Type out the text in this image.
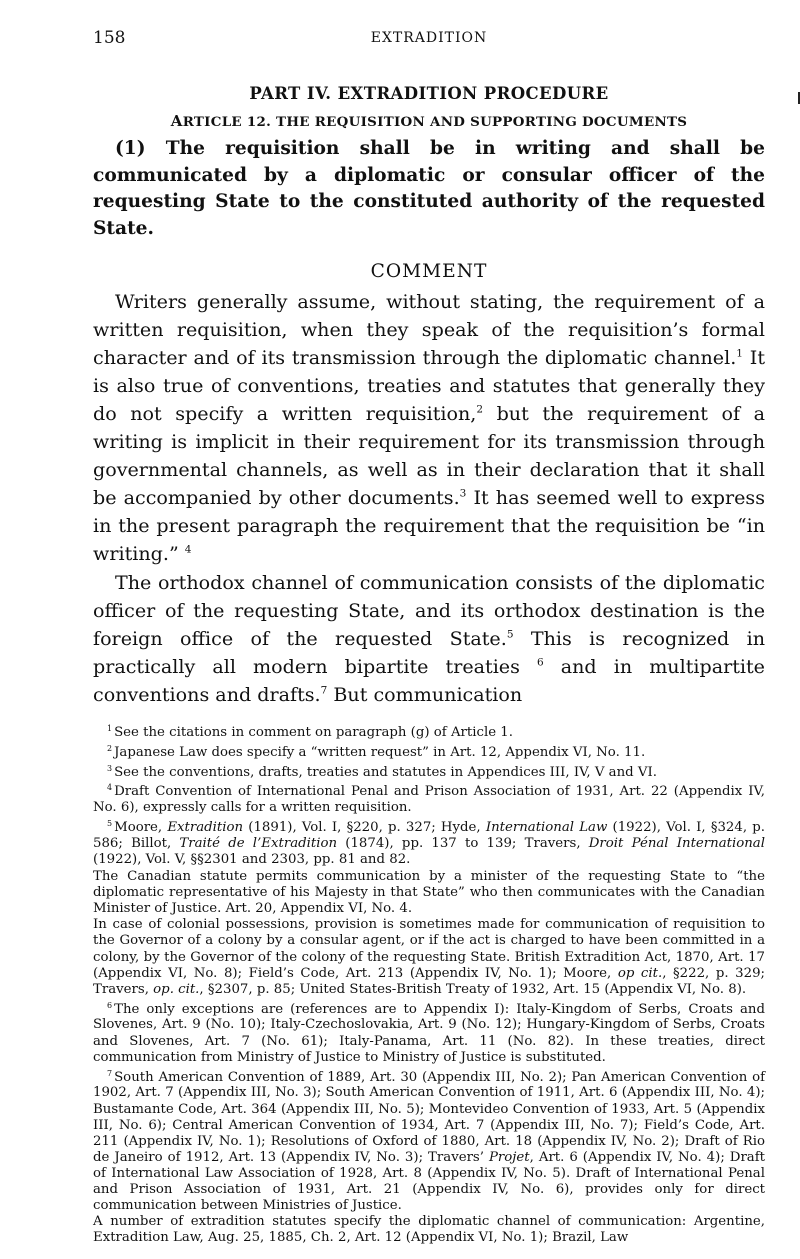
158	EXTRADITION
PART IV. EXTRADITION PROCEDURE
ARTICLE 12. THE REQUISITION AND SUPPORTING DOCUMENTS

(1) The requisition shall be in writing and shall be communicated by a diplomatic or consular officer of the requesting State to the constituted authority of the requested State.

COMMENT

Writers generally assume, without stating, the requirement of a written requisition, when they speak of the requisition’s formal character and of its transmission through the diplomatic channel.$^1$ It is also true of conventions, treaties and statutes that generally they do not specify a written requisition,$^2$ but the requirement of a writing is implicit in their requirement for its transmission through governmental channels, as well as in their declaration that it shall be accompanied by other documents.$^3$ It has seemed well to express in the present paragraph the requirement that the requisition be “in writing.” $^4$

The orthodox channel of communication consists of the diplomatic officer of the requesting State, and its orthodox destination is the foreign office of the requested State.$^5$ This is recognized in practically all modern bipartite treaties $^6$ and in multipartite conventions and drafts.$^7$ But communication

$^1$ See the citations in comment on paragraph (g) of Article 1.

$^2$ Japanese Law does specify a “written request” in Art. 12, Appendix VI, No. 11.

$^3$ See the conventions, drafts, treaties and statutes in Appendices III, IV, V and VI.

$^4$ Draft Convention of International Penal and Prison Association of 1931, Art. 22 (Appendix IV, No. 6), expressly calls for a written requisition.

$^5$ Moore, Extradition (1891), Vol. I, §220, p. 327; Hyde, International Law (1922), Vol. I, §324, p. 586; Billot, Traité de l’Extradition (1874), pp. 137 to 139; Travers, Droit Pénal International (1922), Vol. V, §§2301 and 2303, pp. 81 and 82.

The Canadian statute permits communication by a minister of the requesting State to “the diplomatic representative of his Majesty in that State” who then communicates with the Canadian Minister of Justice. Art. 20, Appendix VI, No. 4.

In case of colonial possessions, provision is sometimes made for communication of requisition to the Governor of a colony by a consular agent, or if the act is charged to have been committed in a colony, by the Governor of the colony of the requesting State. British Extradition Act, 1870, Art. 17 (Appendix VI, No. 8); Field’s Code, Art. 213 (Appendix IV, No. 1); Moore, op cit., §222, p. 329; Travers, op. cit., §2307, p. 85; United States-British Treaty of 1932, Art. 15 (Appendix VI, No. 8).

$^6$ The only exceptions are (references are to Appendix I): Italy-Kingdom of Serbs, Croats and Slovenes, Art. 9 (No. 10); Italy-Czechoslovakia, Art. 9 (No. 12); Hungary-Kingdom of Serbs, Croats and Slovenes, Art. 7 (No. 61); Italy-Panama, Art. 11 (No. 82). In these treaties, direct communication from Ministry of Justice to Ministry of Justice is substituted.

$^7$ South American Convention of 1889, Art. 30 (Appendix III, No. 2); Pan American Convention of 1902, Art. 7 (Appendix III, No. 3); South American Convention of 1911, Art. 6 (Appendix III, No. 4); Bustamante Code, Art. 364 (Appendix III, No. 5); Montevideo Convention of 1933, Art. 5 (Appendix III, No. 6); Central American Convention of 1934, Art. 7 (Appendix III, No. 7); Field’s Code, Art. 211 (Appendix IV, No. 1); Resolutions of Oxford of 1880, Art. 18 (Appendix IV, No. 2); Draft of Rio de Janeiro of 1912, Art. 13 (Appendix IV, No. 3); Travers’ Projet, Art. 6 (Appendix IV, No. 4); Draft of International Law Association of 1928, Art. 8 (Appendix IV, No. 5). Draft of International Penal and Prison Association of 1931, Art. 21 (Appendix IV, No. 6), provides only for direct communication between Ministries of Justice.

A number of extradition statutes specify the diplomatic channel of communication: Argentine, Extradition Law, Aug. 25, 1885, Ch. 2, Art. 12 (Appendix VI, No. 1); Brazil, Law
